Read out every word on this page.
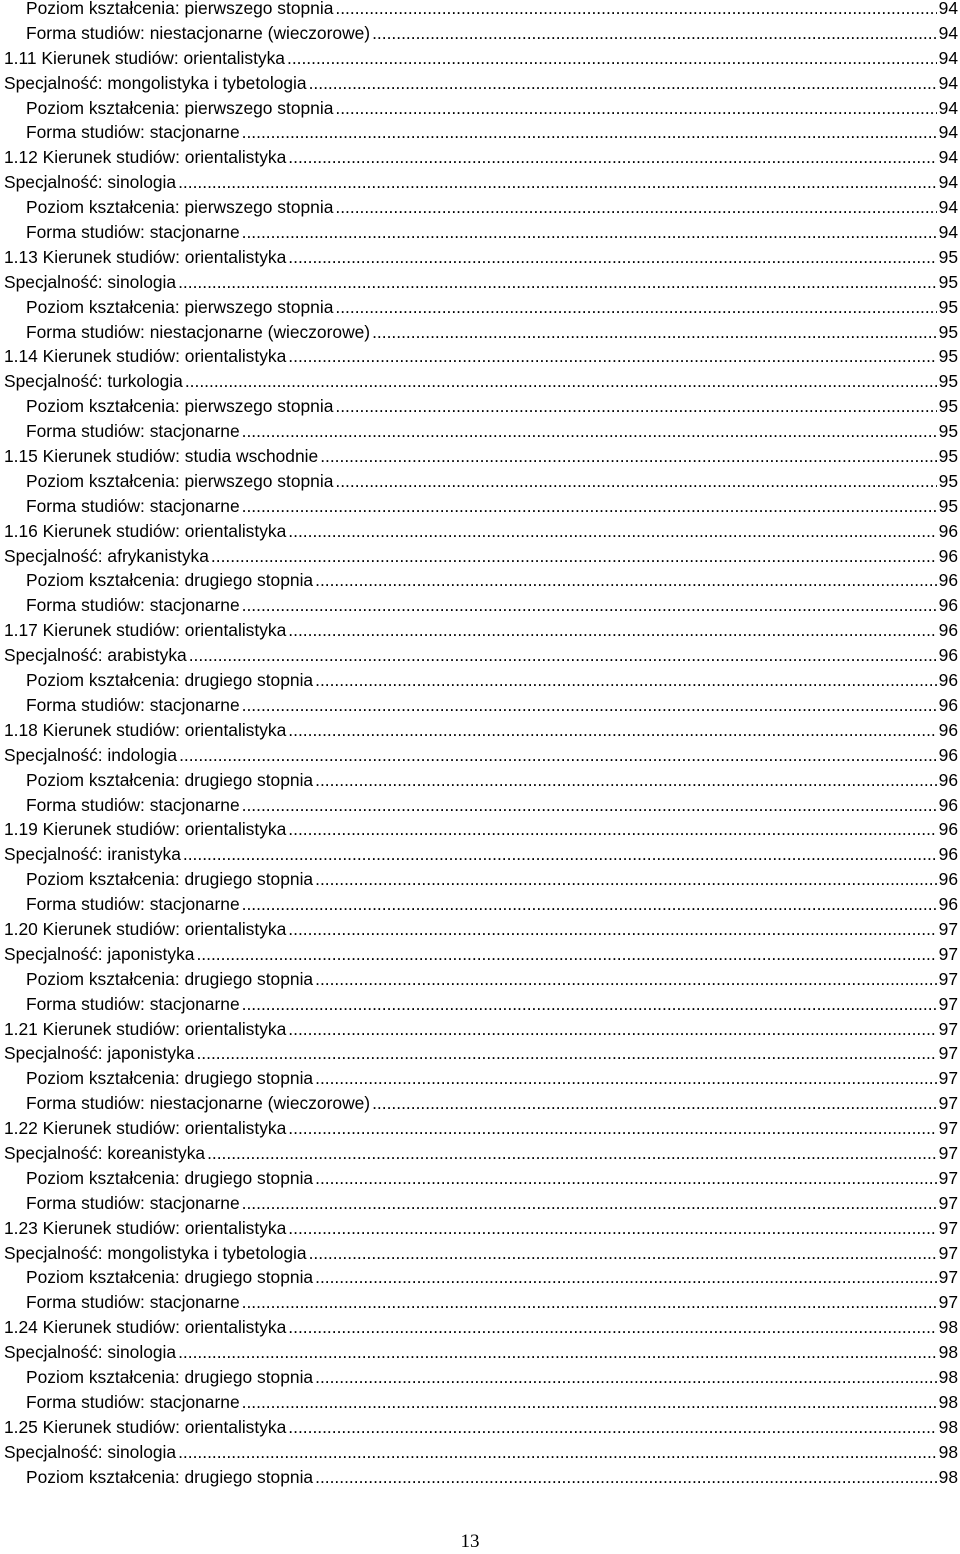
Poziom kształcenia: pierwszego stopnia .....	94
Forma studiów: niestacjonarne (wieczorowe) .....	94
1.11 Kierunek studiów: orientalistyka .....	94
Specjalność: mongolistyka i tybetologia .....	94
Poziom kształcenia: pierwszego stopnia .....	94
Forma studiów: stacjonarne .....	94
1.12 Kierunek studiów: orientalistyka .....	94
Specjalność: sinologia .....	94
Poziom kształcenia: pierwszego stopnia .....	94
Forma studiów: stacjonarne .....	94
1.13 Kierunek studiów: orientalistyka .....	95
Specjalność: sinologia .....	95
Poziom kształcenia: pierwszego stopnia .....	95
Forma studiów: niestacjonarne (wieczorowe) .....	95
1.14 Kierunek studiów: orientalistyka .....	95
Specjalność: turkologia .....	95
Poziom kształcenia: pierwszego stopnia .....	95
Forma studiów: stacjonarne .....	95
1.15 Kierunek studiów: studia wschodnie .....	95
Poziom kształcenia: pierwszego stopnia .....	95
Forma studiów: stacjonarne .....	95
1.16 Kierunek studiów: orientalistyka .....	96
Specjalność: afrykanistyka .....	96
Poziom kształcenia: drugiego stopnia .....	96
Forma studiów: stacjonarne .....	96
1.17 Kierunek studiów: orientalistyka .....	96
Specjalność: arabistyka .....	96
Poziom kształcenia: drugiego stopnia .....	96
Forma studiów: stacjonarne .....	96
1.18 Kierunek studiów: orientalistyka .....	96
Specjalność: indologia .....	96
Poziom kształcenia: drugiego stopnia .....	96
Forma studiów: stacjonarne .....	96
1.19 Kierunek studiów: orientalistyka .....	96
Specjalność: iranistyka .....	96
Poziom kształcenia: drugiego stopnia .....	96
Forma studiów: stacjonarne .....	96
1.20 Kierunek studiów: orientalistyka .....	97
Specjalność: japonistyka .....	97
Poziom kształcenia: drugiego stopnia .....	97
Forma studiów: stacjonarne .....	97
1.21 Kierunek studiów: orientalistyka .....	97
Specjalność: japonistyka .....	97
Poziom kształcenia: drugiego stopnia .....	97
Forma studiów: niestacjonarne (wieczorowe) .....	97
1.22 Kierunek studiów: orientalistyka .....	97
Specjalność: koreanistyka .....	97
Poziom kształcenia: drugiego stopnia .....	97
Forma studiów: stacjonarne .....	97
1.23 Kierunek studiów: orientalistyka .....	97
Specjalność: mongolistyka i tybetologia .....	97
Poziom kształcenia: drugiego stopnia .....	97
Forma studiów: stacjonarne .....	97
1.24 Kierunek studiów: orientalistyka .....	98
Specjalność: sinologia .....	98
Poziom kształcenia: drugiego stopnia .....	98
Forma studiów: stacjonarne .....	98
1.25 Kierunek studiów: orientalistyka .....	98
Specjalność: sinologia .....	98
Poziom kształcenia: drugiego stopnia .....	98
13
